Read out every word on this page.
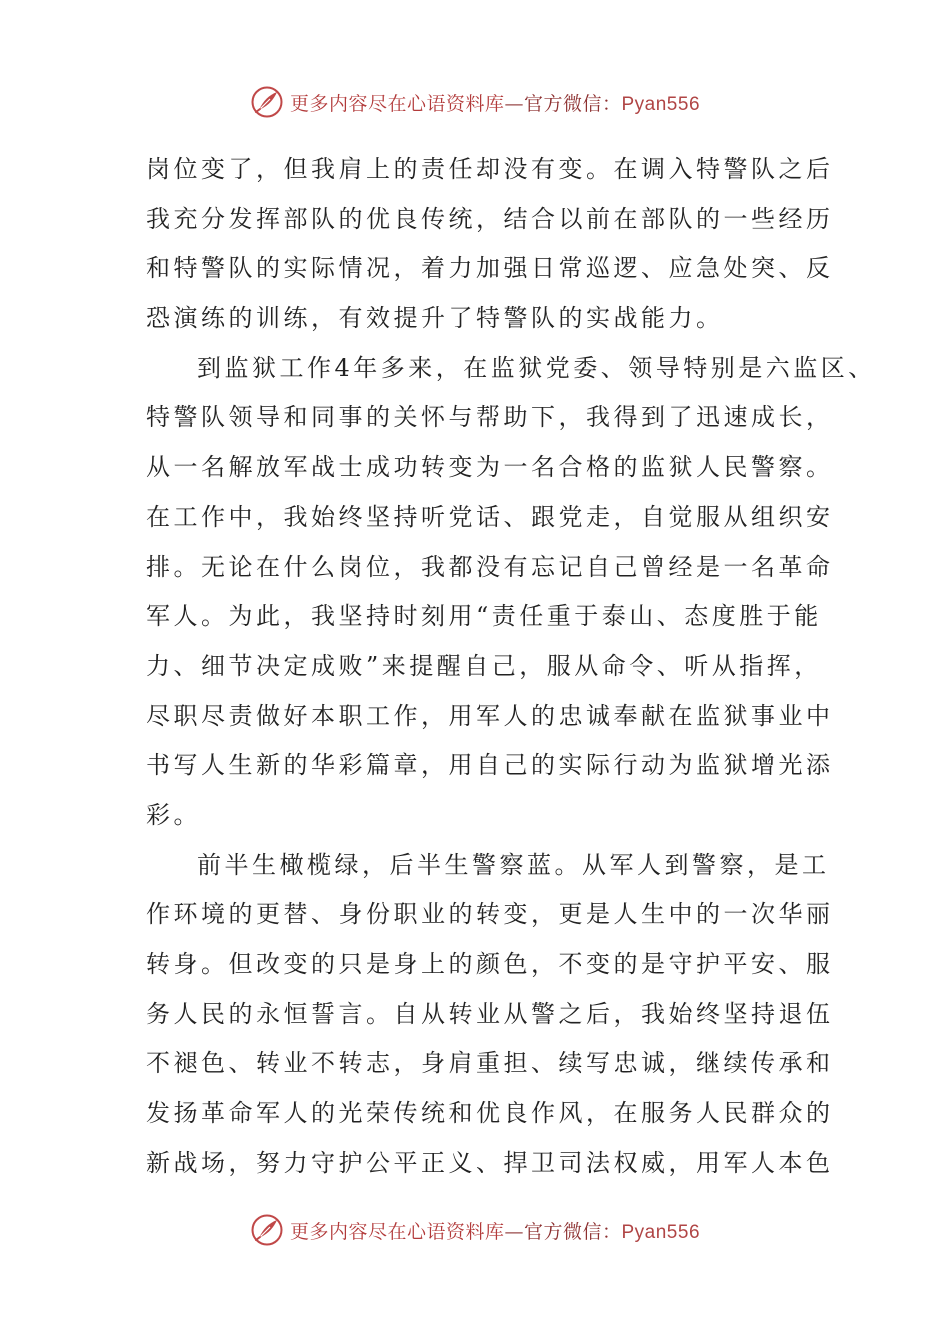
更多内容尽在心语资料库—官方微信：Pyan556
岗位变了，但我肩上的责任却没有变。在调入特警队之后
我充分发挥部队的优良传统，结合以前在部队的一些经历
和特警队的实际情况，着力加强日常巡逻、应急处突、反
恐演练的训练，有效提升了特警队的实战能力。
到监狱工作4年多来，在监狱党委、领导特别是六监区、
特警队领导和同事的关怀与帮助下，我得到了迅速成长，
从一名解放军战士成功转变为一名合格的监狱人民警察。
在工作中，我始终坚持听党话、跟党走，自觉服从组织安
排。无论在什么岗位，我都没有忘记自己曾经是一名革命
军人。为此，我坚持时刻用“责任重于泰山、态度胜于能
力、细节决定成败”来提醒自己，服从命令、听从指挥，
尽职尽责做好本职工作，用军人的忠诚奉献在监狱事业中
书写人生新的华彩篇章，用自己的实际行动为监狱增光添
彩。
前半生橄榄绿，后半生警察蓝。从军人到警察，是工
作环境的更替、身份职业的转变，更是人生中的一次华丽
转身。但改变的只是身上的颜色，不变的是守护平安、服
务人民的永恒誓言。自从转业从警之后，我始终坚持退伍
不褪色、转业不转志，身肩重担、续写忠诚，继续传承和
发扬革命军人的光荣传统和优良作风，在服务人民群众的
新战场，努力守护公平正义、捍卫司法权威，用军人本色
更多内容尽在心语资料库—官方微信：Pyan556
